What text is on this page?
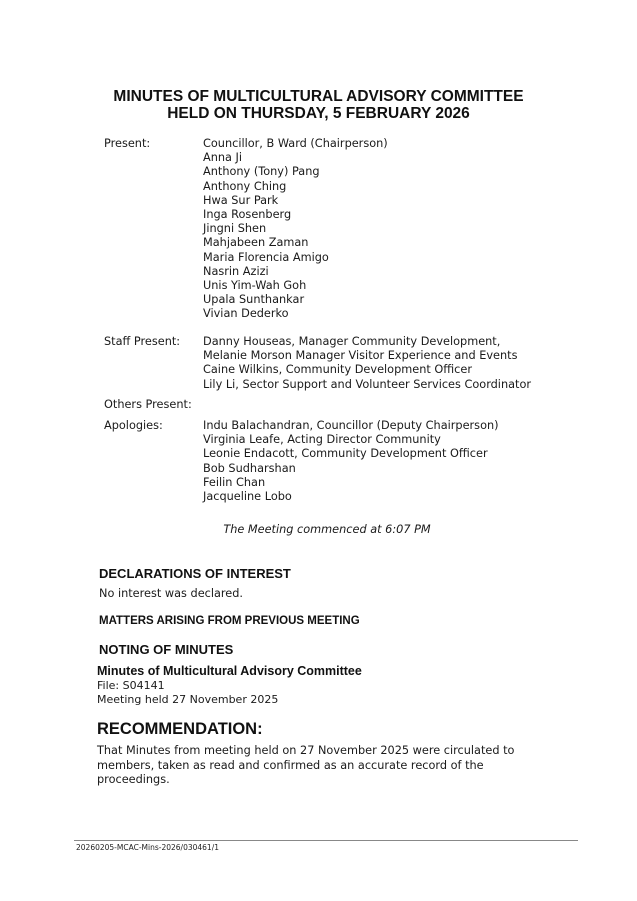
MINUTES OF MULTICULTURAL ADVISORY COMMITTEE
HELD ON THURSDAY, 5 FEBRUARY 2026
Present:	Councillor, B Ward (Chairperson)
Anna Ji
Anthony (Tony) Pang
Anthony Ching
Hwa Sur Park
Inga Rosenberg
Jingni Shen
Mahjabeen Zaman
Maria Florencia Amigo
Nasrin Azizi
Unis Yim-Wah Goh
Upala Sunthankar
Vivian Dederko
Staff Present:	Danny Houseas, Manager Community Development,
Melanie Morson Manager Visitor Experience and Events
Caine Wilkins, Community Development Officer
Lily Li, Sector Support and Volunteer Services Coordinator
Others Present:
Apologies:	Indu Balachandran, Councillor (Deputy Chairperson)
Virginia Leafe, Acting Director Community
Leonie Endacott, Community Development Officer
Bob Sudharshan
Feilin Chan
Jacqueline Lobo
The Meeting commenced at 6:07 PM
DECLARATIONS OF INTEREST
No interest was declared.
MATTERS ARISING FROM PREVIOUS MEETING
NOTING OF MINUTES
Minutes of Multicultural Advisory Committee
File: S04141
Meeting held 27 November 2025
RECOMMENDATION:
That Minutes from meeting held on 27 November 2025 were circulated to members, taken as read and confirmed as an accurate record of the proceedings.
20260205-MCAC-Mins-2026/030461/1
